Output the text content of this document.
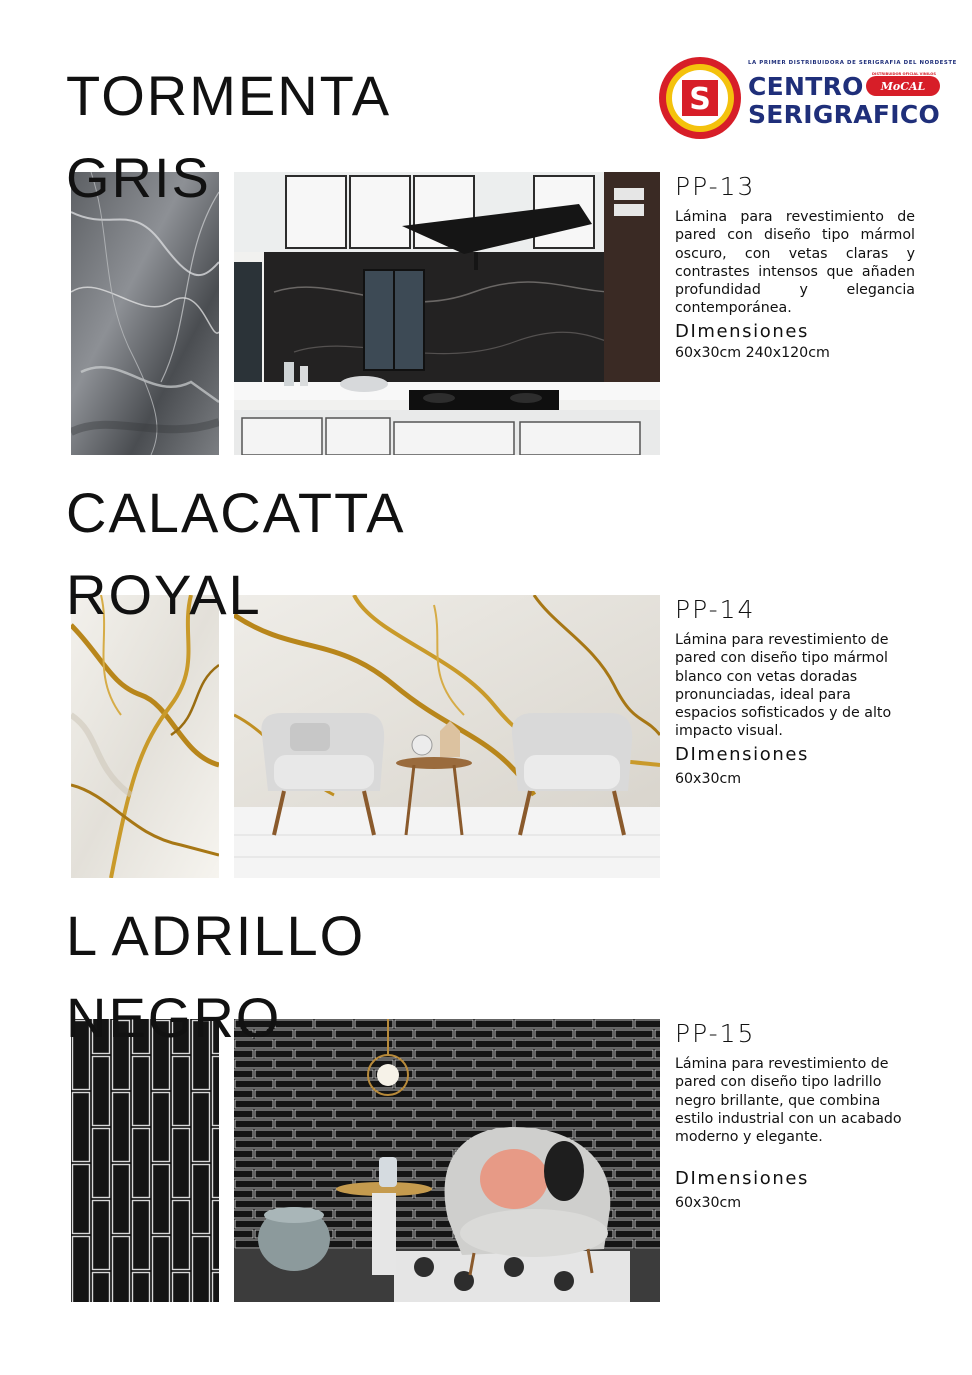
S
LA PRIMER DISTRIBUIDORA DE SERIGRAFIA DEL NORDESTE
CENTRO
SERIGRAFICO
DISTRIBUIDOR OFICIAL VINILOS
MoCAL
TORMENTA
GRIS	PP-13

Lámina para revestimiento de pared con diseño tipo mármol oscuro, con vetas claras y contrastes intensos que añaden profundidad y elegancia contemporánea.

DImensiones

60x30cm 240x120cm

CALACATTA
ROYAL	PP-14

Lámina para revestimiento de pared con diseño tipo mármol blanco con vetas doradas pronunciadas, ideal para espacios sofisticados y de alto impacto visual.

DImensiones

60x30cm

L ADRILLO
NEGRO	PP-15

Lámina para revestimiento de pared con diseño tipo ladrillo negro brillante, que combina estilo industrial con un acabado moderno y elegante.

DImensiones

60x30cm
